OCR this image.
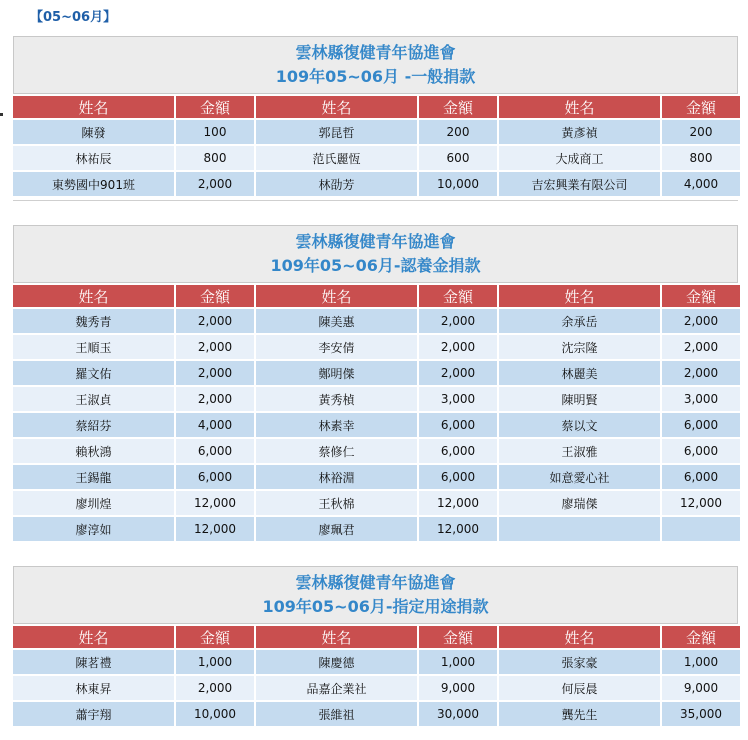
【05~06月】
雲林縣復健青年協進會
109年05~06月 -一般捐款
姓名	金額	姓名	金額	姓名	金額
陳發	100	郭昆哲	200	黃彥禎	200
林祐辰	800	范氏麗恆	600	大成商工	800
東勢國中901班	2,000	林劭芳	10,000	吉宏興業有限公司	4,000
雲林縣復健青年協進會
109年05~06月-認養金捐款
姓名	金額	姓名	金額	姓名	金額
魏秀青	2,000	陳美惠	2,000	余承岳	2,000
王順玉	2,000	李安倩	2,000	沈宗隆	2,000
羅文佑	2,000	鄭明傑	2,000	林麗美	2,000
王淑貞	2,000	黃秀楨	3,000	陳明賢	3,000
蔡紹芬	4,000	林素幸	6,000	蔡以文	6,000
賴秋鴻	6,000	蔡修仁	6,000	王淑雅	6,000
王錫龍	6,000	林裕淵	6,000	如意愛心社	6,000
廖圳煌	12,000	王秋棉	12,000	廖瑞傑	12,000
廖淳如	12,000	廖珮君	12,000		
雲林縣復健青年協進會
109年05~06月-指定用途捐款
姓名	金額	姓名	金額	姓名	金額
陳茗禮	1,000	陳慶德	1,000	張家豪	1,000
林東昇	2,000	品嘉企業社	9,000	何辰晨	9,000
蕭宇翔	10,000	張維祖	30,000	龔先生	35,000
